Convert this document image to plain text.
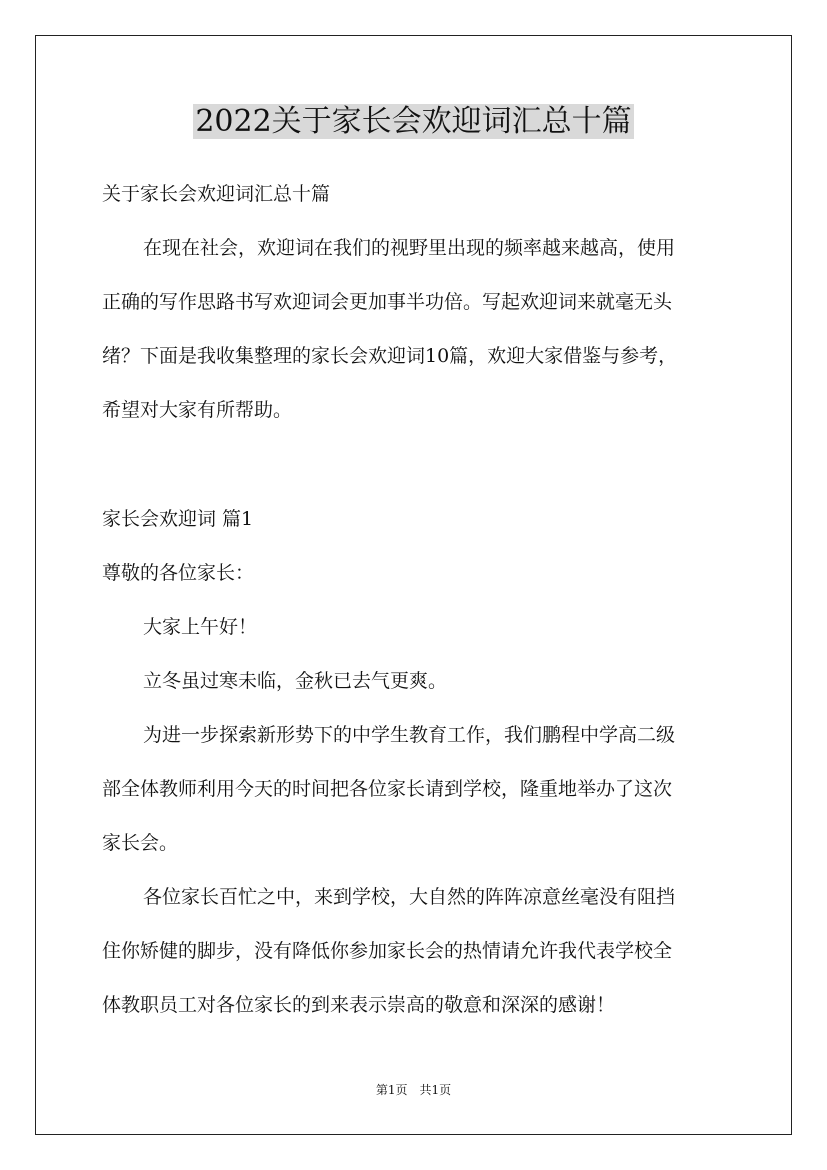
2022关于家长会欢迎词汇总十篇

关于家长会欢迎词汇总十篇

在现在社会，欢迎词在我们的视野里出现的频率越来越高，使用

正确的写作思路书写欢迎词会更加事半功倍。写起欢迎词来就毫无头

绪？下面是我收集整理的家长会欢迎词10篇，欢迎大家借鉴与参考，

希望对大家有所帮助。

家长会欢迎词 篇1

尊敬的各位家长：

大家上午好！

立冬虽过寒未临，金秋已去气更爽。

为进一步探索新形势下的中学生教育工作，我们鹏程中学高二级

部全体教师利用今天的时间把各位家长请到学校，隆重地举办了这次

家长会。

各位家长百忙之中，来到学校，大自然的阵阵凉意丝毫没有阻挡

住你矫健的脚步，没有降低你参加家长会的热情请允许我代表学校全

体教职员工对各位家长的到来表示崇高的敬意和深深的感谢！

第1页　共1页
